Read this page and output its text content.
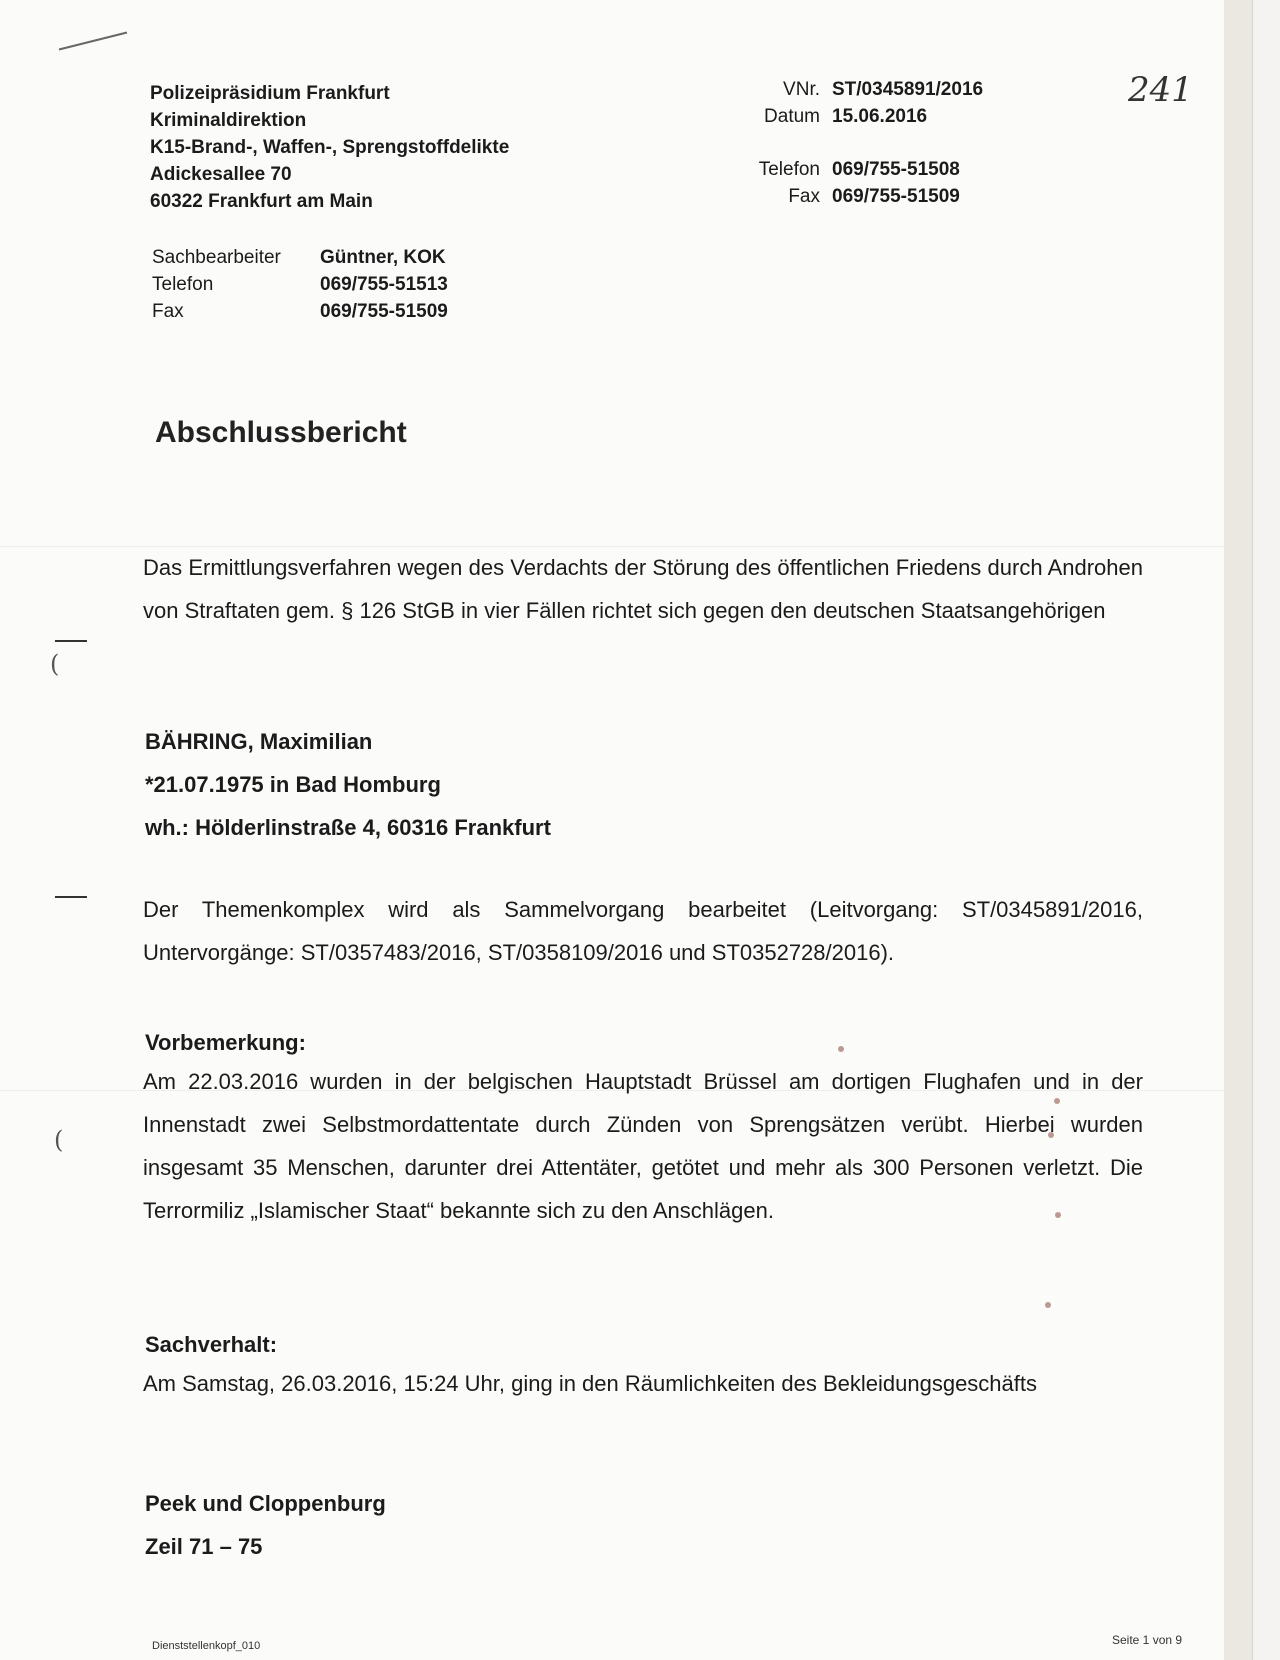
(
(
Polizeipräsidium Frankfurt
Kriminaldirektion
K15-Brand-, Waffen-, Sprengstoffdelikte
Adickesallee 70
60322 Frankfurt am Main
VNr. ST/0345891/2016
Datum 15.06.2016
Telefon 069/755-51508
Fax 069/755-51509
241
Sachbearbeiter	Güntner, KOK
Telefon	069/755-51513
Fax	069/755-51509
Abschlussbericht

Das Ermittlungsverfahren wegen des Verdachts der Störung des öffentlichen Friedens durch Androhen von Straftaten gem. § 126 StGB in vier Fällen richtet sich gegen den deutschen Staatsangehörigen

BÄHRING, Maximilian

*21.07.1975 in Bad Homburg

wh.: Hölderlinstraße 4, 60316 Frankfurt

Der Themenkomplex wird als Sammelvorgang bearbeitet (Leitvorgang: ST/0345891/2016, Untervorgänge: ST/0357483/2016, ST/0358109/2016 und ST0352728/2016).

Vorbemerkung:

Am 22.03.2016 wurden in der belgischen Hauptstadt Brüssel am dortigen Flughafen und in der Innenstadt zwei Selbstmordattentate durch Zünden von Sprengsätzen verübt. Hierbei wurden insgesamt 35 Menschen, darunter drei Attentäter, getötet und mehr als 300 Personen verletzt. Die Terrormiliz „Islamischer Staat“ bekannte sich zu den Anschlägen.

Sachverhalt:

Am Samstag, 26.03.2016, 15:24 Uhr, ging in den Räumlichkeiten des Bekleidungsgeschäfts

Peek und Cloppenburg

Zeil 71 – 75

Dienststellenkopf_010	Seite 1 von 9
